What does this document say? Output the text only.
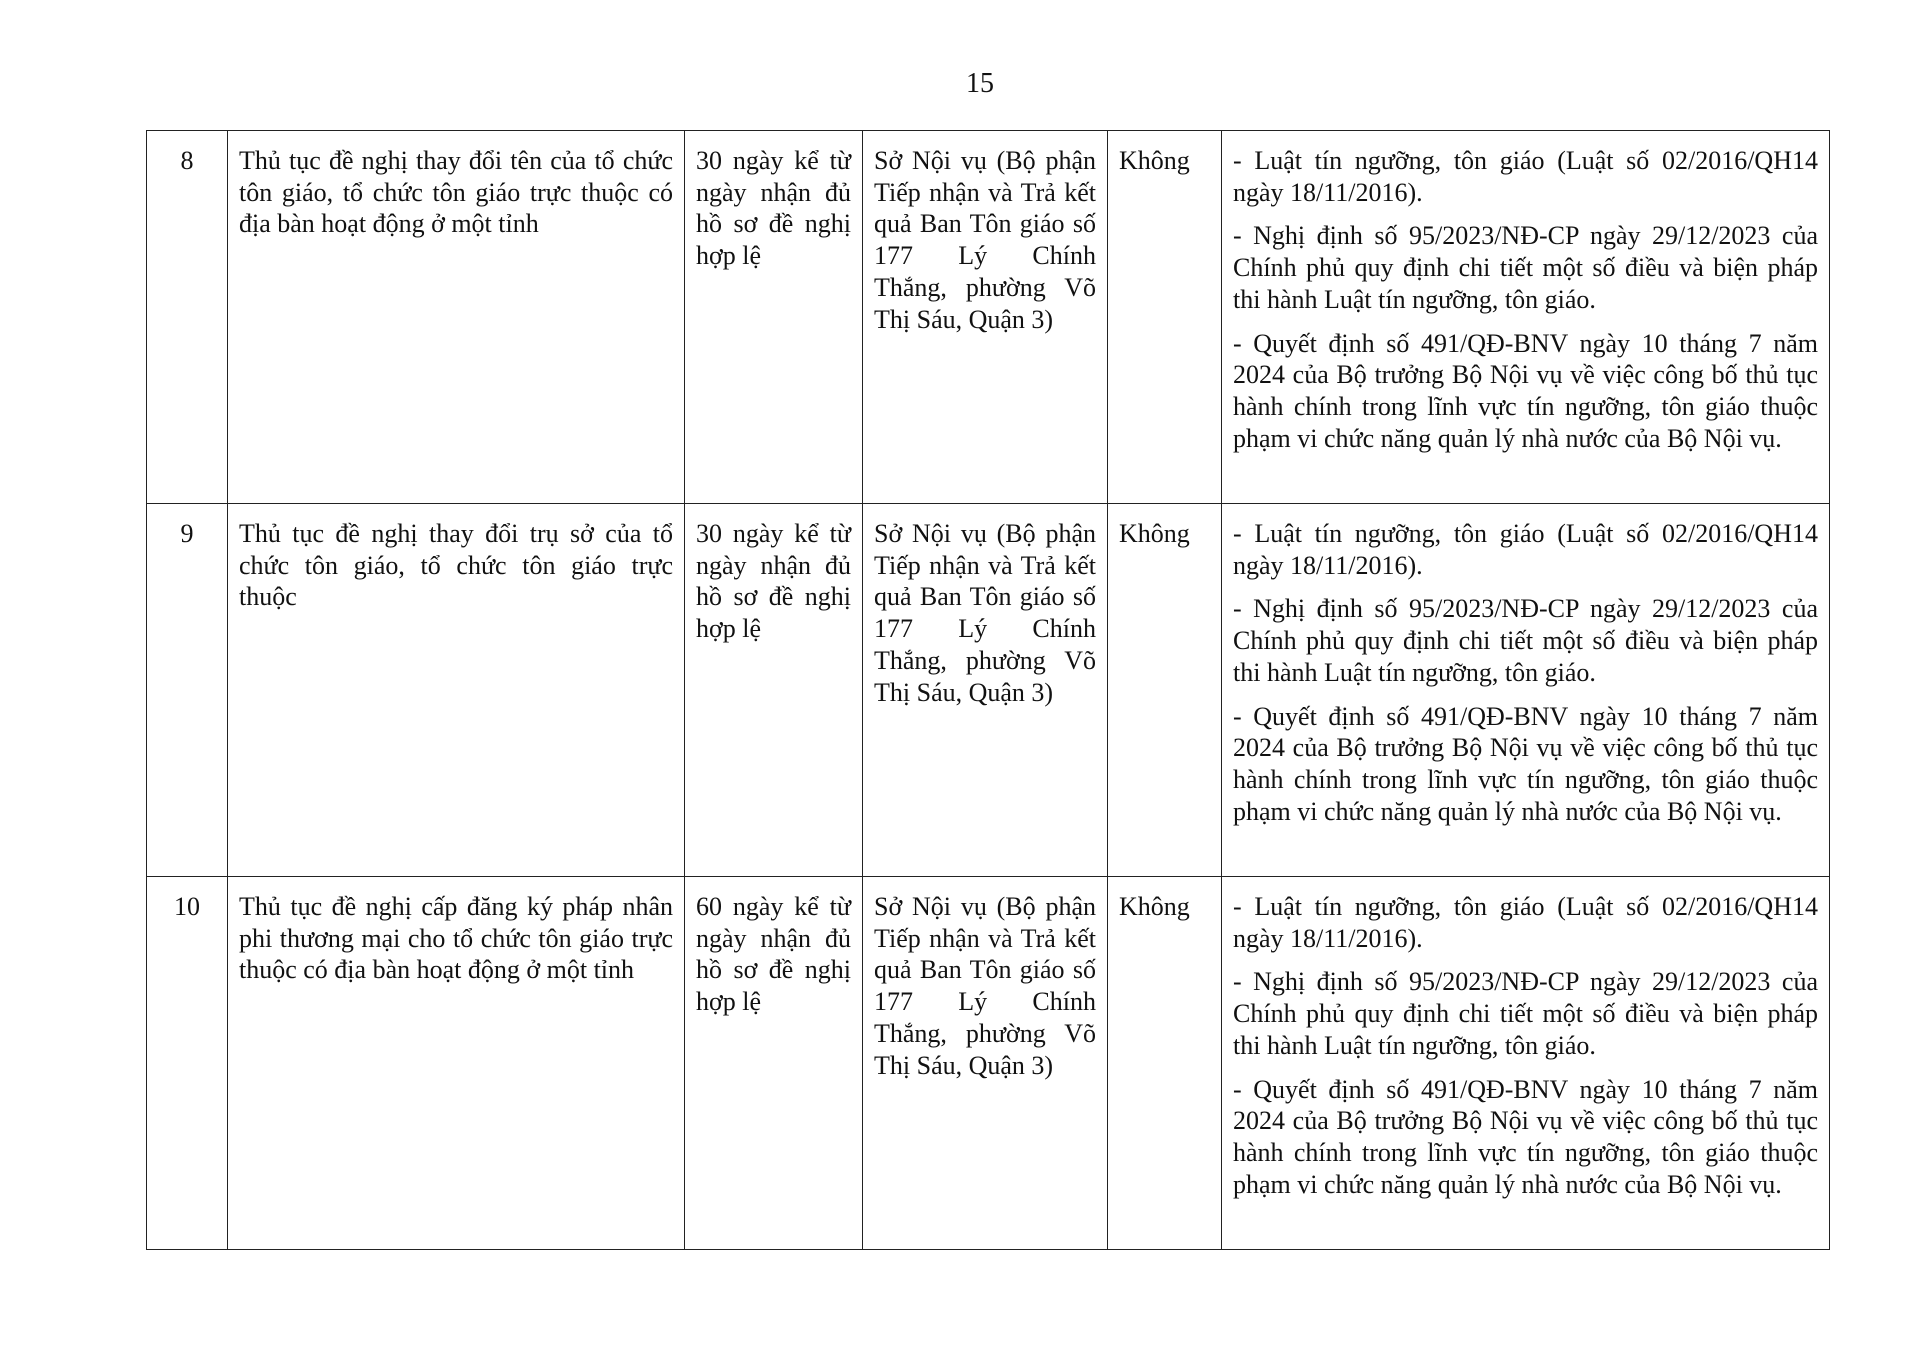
15
8	Thủ tục đề nghị thay đổi tên của tổ chức tôn giáo, tổ chức tôn giáo trực thuộc có địa bàn hoạt động ở một tỉnh	30 ngày kể từ ngày nhận đủ hồ sơ đề nghị hợp lệ	Sở Nội vụ (Bộ phận Tiếp nhận và Trả kết quả Ban Tôn giáo số 177 Lý Chính Thắng, phường Võ Thị Sáu, Quận 3)	Không	- Luật tín ngưỡng, tôn giáo (Luật số 02/2016/QH14 ngày 18/11/2016).
- Nghị định số 95/2023/NĐ-CP ngày 29/12/2023 của Chính phủ quy định chi tiết một số điều và biện pháp thi hành Luật tín ngưỡng, tôn giáo.
- Quyết định số 491/QĐ-BNV ngày 10 tháng 7 năm 2024 của Bộ trưởng Bộ Nội vụ về việc công bố thủ tục hành chính trong lĩnh vực tín ngưỡng, tôn giáo thuộc phạm vi chức năng quản lý nhà nước của Bộ Nội vụ.

9	Thủ tục đề nghị thay đổi trụ sở của tổ chức tôn giáo, tổ chức tôn giáo trực thuộc	30 ngày kể từ ngày nhận đủ hồ sơ đề nghị hợp lệ	Sở Nội vụ (Bộ phận Tiếp nhận và Trả kết quả Ban Tôn giáo số 177 Lý Chính Thắng, phường Võ Thị Sáu, Quận 3)	Không	- Luật tín ngưỡng, tôn giáo (Luật số 02/2016/QH14 ngày 18/11/2016).
- Nghị định số 95/2023/NĐ-CP ngày 29/12/2023 của Chính phủ quy định chi tiết một số điều và biện pháp thi hành Luật tín ngưỡng, tôn giáo.
- Quyết định số 491/QĐ-BNV ngày 10 tháng 7 năm 2024 của Bộ trưởng Bộ Nội vụ về việc công bố thủ tục hành chính trong lĩnh vực tín ngưỡng, tôn giáo thuộc phạm vi chức năng quản lý nhà nước của Bộ Nội vụ.

10	Thủ tục đề nghị cấp đăng ký pháp nhân phi thương mại cho tổ chức tôn giáo trực thuộc có địa bàn hoạt động ở một tỉnh	60 ngày kể từ ngày nhận đủ hồ sơ đề nghị hợp lệ	Sở Nội vụ (Bộ phận Tiếp nhận và Trả kết quả Ban Tôn giáo số 177 Lý Chính Thắng, phường Võ Thị Sáu, Quận 3)	Không	- Luật tín ngưỡng, tôn giáo (Luật số 02/2016/QH14 ngày 18/11/2016).
- Nghị định số 95/2023/NĐ-CP ngày 29/12/2023 của Chính phủ quy định chi tiết một số điều và biện pháp thi hành Luật tín ngưỡng, tôn giáo.
- Quyết định số 491/QĐ-BNV ngày 10 tháng 7 năm 2024 của Bộ trưởng Bộ Nội vụ về việc công bố thủ tục hành chính trong lĩnh vực tín ngưỡng, tôn giáo thuộc phạm vi chức năng quản lý nhà nước của Bộ Nội vụ.
